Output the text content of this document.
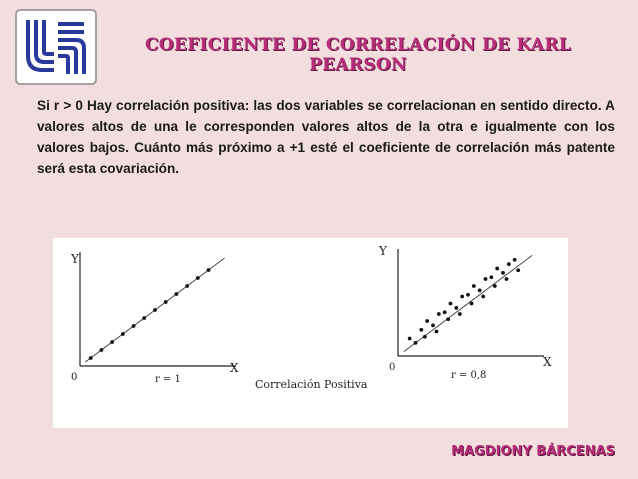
COEFICIENTE DE CORRELACIÓN DE KARL PEARSON

Si r > 0 Hay correlación positiva: las dos variables se correlacionan en sentido directo. A valores altos de una le corresponden valores altos de la otra e igualmente con los valores bajos. Cuánto más próximo a +1 esté el coeficiente de correlación más patente será esta covariación.

Y
X
0	r = 1
Y
X
0
r = 0,8
Correlación Positiva
MAGDIONY BÁRCENAS
